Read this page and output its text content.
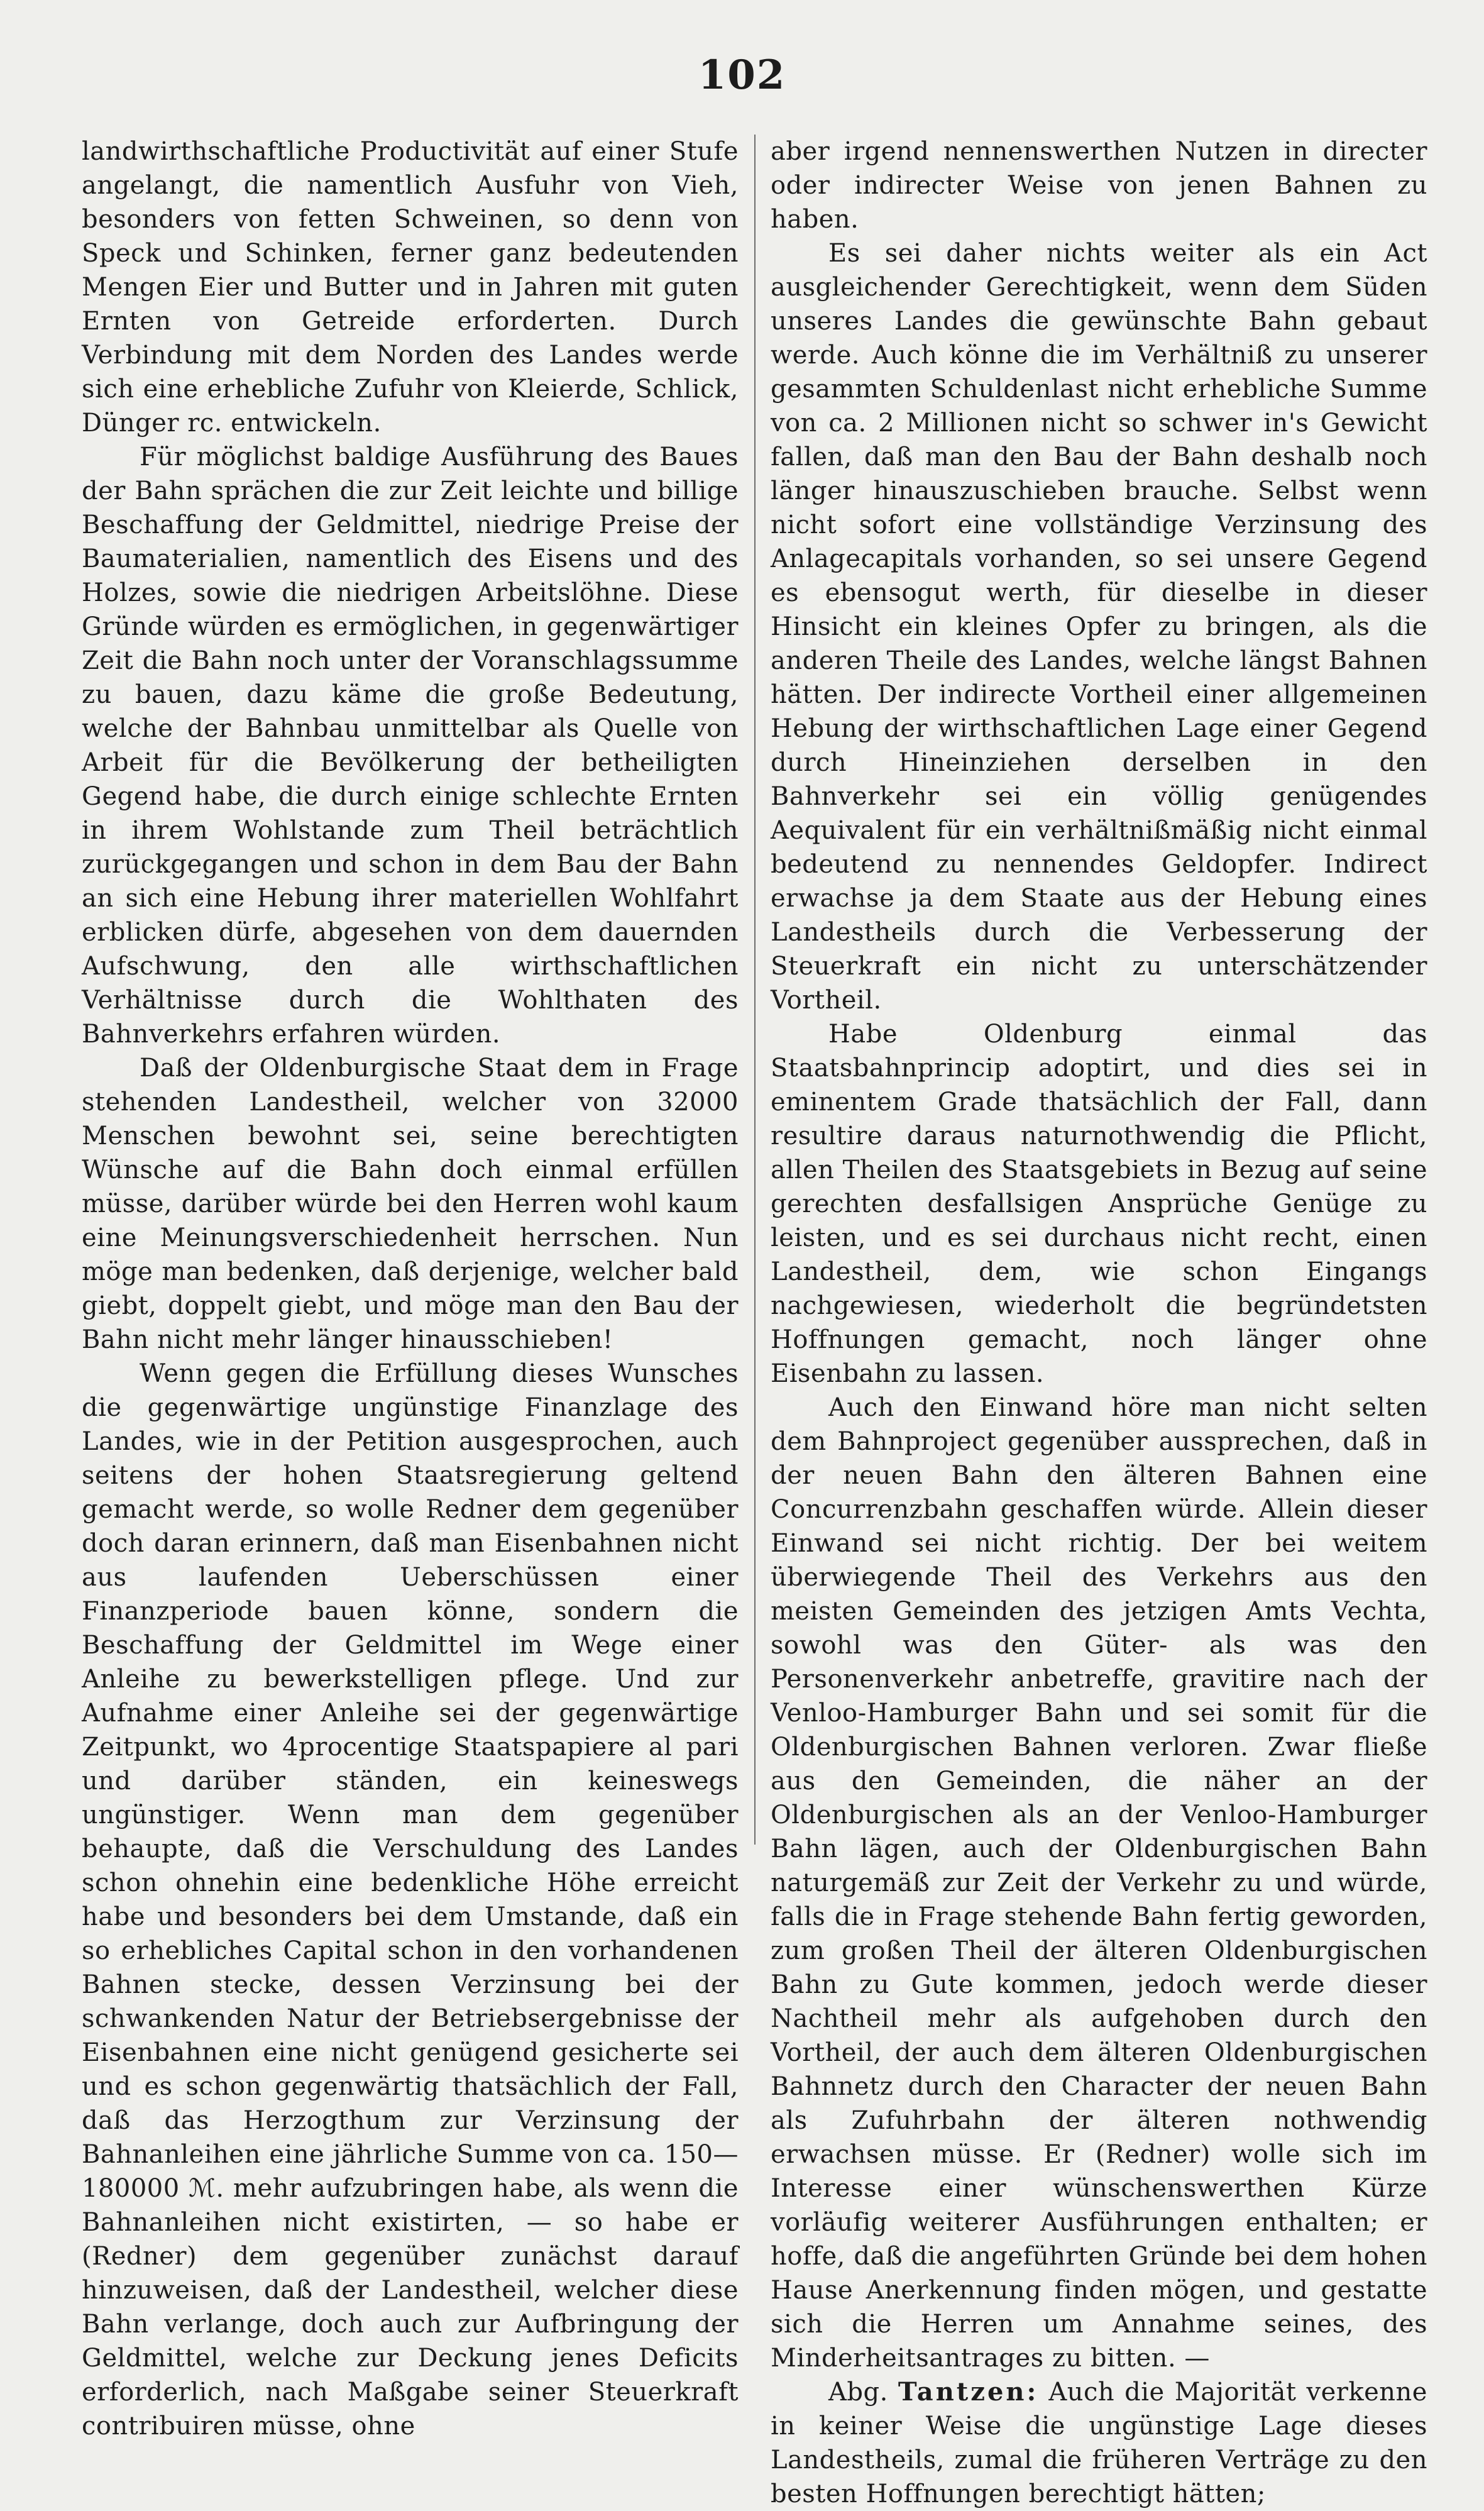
102

landwirthschaftliche Productivität auf einer Stufe angelangt, die namentlich Ausfuhr von Vieh, besonders von fetten Schweinen, so denn von Speck und Schinken, ferner ganz bedeutenden Mengen Eier und Butter und in Jahren mit guten Ernten von Getreide erforderten. Durch Verbindung mit dem Norden des Landes werde sich eine erhebliche Zufuhr von Kleierde, Schlick, Dünger rc. entwickeln.

Für möglichst baldige Ausführung des Baues der Bahn sprächen die zur Zeit leichte und billige Beschaffung der Geldmittel, niedrige Preise der Baumaterialien, namentlich des Eisens und des Holzes, sowie die niedrigen Arbeitslöhne. Diese Gründe würden es ermöglichen, in gegenwärtiger Zeit die Bahn noch unter der Voranschlagssumme zu bauen, dazu käme die große Bedeutung, welche der Bahnbau unmittelbar als Quelle von Arbeit für die Bevölkerung der betheiligten Gegend habe, die durch einige schlechte Ernten in ihrem Wohlstande zum Theil beträchtlich zurückgegangen und schon in dem Bau der Bahn an sich eine Hebung ihrer materiellen Wohlfahrt erblicken dürfe, abgesehen von dem dauernden Aufschwung, den alle wirthschaftlichen Verhältnisse durch die Wohlthaten des Bahnverkehrs erfahren würden.

Daß der Oldenburgische Staat dem in Frage stehenden Landestheil, welcher von 32000 Menschen bewohnt sei, seine berechtigten Wünsche auf die Bahn doch einmal erfüllen müsse, darüber würde bei den Herren wohl kaum eine Meinungsverschiedenheit herrschen. Nun möge man bedenken, daß derjenige, welcher bald giebt, doppelt giebt, und möge man den Bau der Bahn nicht mehr länger hinausschieben!

Wenn gegen die Erfüllung dieses Wunsches die gegenwärtige ungünstige Finanzlage des Landes, wie in der Petition ausgesprochen, auch seitens der hohen Staatsregierung geltend gemacht werde, so wolle Redner dem gegenüber doch daran erinnern, daß man Eisenbahnen nicht aus laufenden Ueberschüssen einer Finanzperiode bauen könne, sondern die Beschaffung der Geldmittel im Wege einer Anleihe zu bewerkstelligen pflege. Und zur Aufnahme einer Anleihe sei der gegenwärtige Zeitpunkt, wo 4procentige Staatspapiere al pari und darüber ständen, ein keineswegs ungünstiger. Wenn man dem gegenüber behaupte, daß die Verschuldung des Landes schon ohnehin eine bedenkliche Höhe erreicht habe und besonders bei dem Umstande, daß ein so erhebliches Capital schon in den vorhandenen Bahnen stecke, dessen Verzinsung bei der schwankenden Natur der Betriebsergebnisse der Eisenbahnen eine nicht genügend gesicherte sei und es schon gegenwärtig thatsächlich der Fall, daß das Herzogthum zur Verzinsung der Bahnanleihen eine jährliche Summe von ca. 150—180000 ℳ. mehr aufzubringen habe, als wenn die Bahnanleihen nicht existirten, — so habe er (Redner) dem gegenüber zunächst darauf hinzuweisen, daß der Landestheil, welcher diese Bahn verlange, doch auch zur Aufbringung der Geldmittel, welche zur Deckung jenes Deficits erforderlich, nach Maßgabe seiner Steuerkraft contribuiren müsse, ohne

aber irgend nennenswerthen Nutzen in directer oder indirecter Weise von jenen Bahnen zu haben.

Es sei daher nichts weiter als ein Act ausgleichender Gerechtigkeit, wenn dem Süden unseres Landes die gewünschte Bahn gebaut werde. Auch könne die im Verhältniß zu unserer gesammten Schuldenlast nicht erhebliche Summe von ca. 2 Millionen nicht so schwer in's Gewicht fallen, daß man den Bau der Bahn deshalb noch länger hinauszuschieben brauche. Selbst wenn nicht sofort eine vollständige Verzinsung des Anlagecapitals vorhanden, so sei unsere Gegend es ebensogut werth, für dieselbe in dieser Hinsicht ein kleines Opfer zu bringen, als die anderen Theile des Landes, welche längst Bahnen hätten. Der indirecte Vortheil einer allgemeinen Hebung der wirthschaftlichen Lage einer Gegend durch Hineinziehen derselben in den Bahnverkehr sei ein völlig genügendes Aequivalent für ein verhältnißmäßig nicht einmal bedeutend zu nennendes Geldopfer. Indirect erwachse ja dem Staate aus der Hebung eines Landestheils durch die Verbesserung der Steuerkraft ein nicht zu unterschätzender Vortheil.

Habe Oldenburg einmal das Staatsbahnprincip adoptirt, und dies sei in eminentem Grade thatsächlich der Fall, dann resultire daraus naturnothwendig die Pflicht, allen Theilen des Staatsgebiets in Bezug auf seine gerechten desfallsigen Ansprüche Genüge zu leisten, und es sei durchaus nicht recht, einen Landestheil, dem, wie schon Eingangs nachgewiesen, wiederholt die begründetsten Hoffnungen gemacht, noch länger ohne Eisenbahn zu lassen.

Auch den Einwand höre man nicht selten dem Bahnproject gegenüber aussprechen, daß in der neuen Bahn den älteren Bahnen eine Concurrenzbahn geschaffen würde. Allein dieser Einwand sei nicht richtig. Der bei weitem überwiegende Theil des Verkehrs aus den meisten Gemeinden des jetzigen Amts Vechta, sowohl was den Güter- als was den Personenverkehr anbetreffe, gravitire nach der Venloo-Hamburger Bahn und sei somit für die Oldenburgischen Bahnen verloren. Zwar fließe aus den Gemeinden, die näher an der Oldenburgischen als an der Venloo-Hamburger Bahn lägen, auch der Oldenburgischen Bahn naturgemäß zur Zeit der Verkehr zu und würde, falls die in Frage stehende Bahn fertig geworden, zum großen Theil der älteren Oldenburgischen Bahn zu Gute kommen, jedoch werde dieser Nachtheil mehr als aufgehoben durch den Vortheil, der auch dem älteren Oldenburgischen Bahnnetz durch den Character der neuen Bahn als Zufuhrbahn der älteren nothwendig erwachsen müsse. Er (Redner) wolle sich im Interesse einer wünschenswerthen Kürze vorläufig weiterer Ausführungen enthalten; er hoffe, daß die angeführten Gründe bei dem hohen Hause Anerkennung finden mögen, und gestatte sich die Herren um Annahme seines, des Minderheitsantrages zu bitten. —

Abg. Tantzen: Auch die Majorität verkenne in keiner Weise die ungünstige Lage dieses Landestheils, zumal die früheren Verträge zu den besten Hoffnungen berechtigt hätten;
